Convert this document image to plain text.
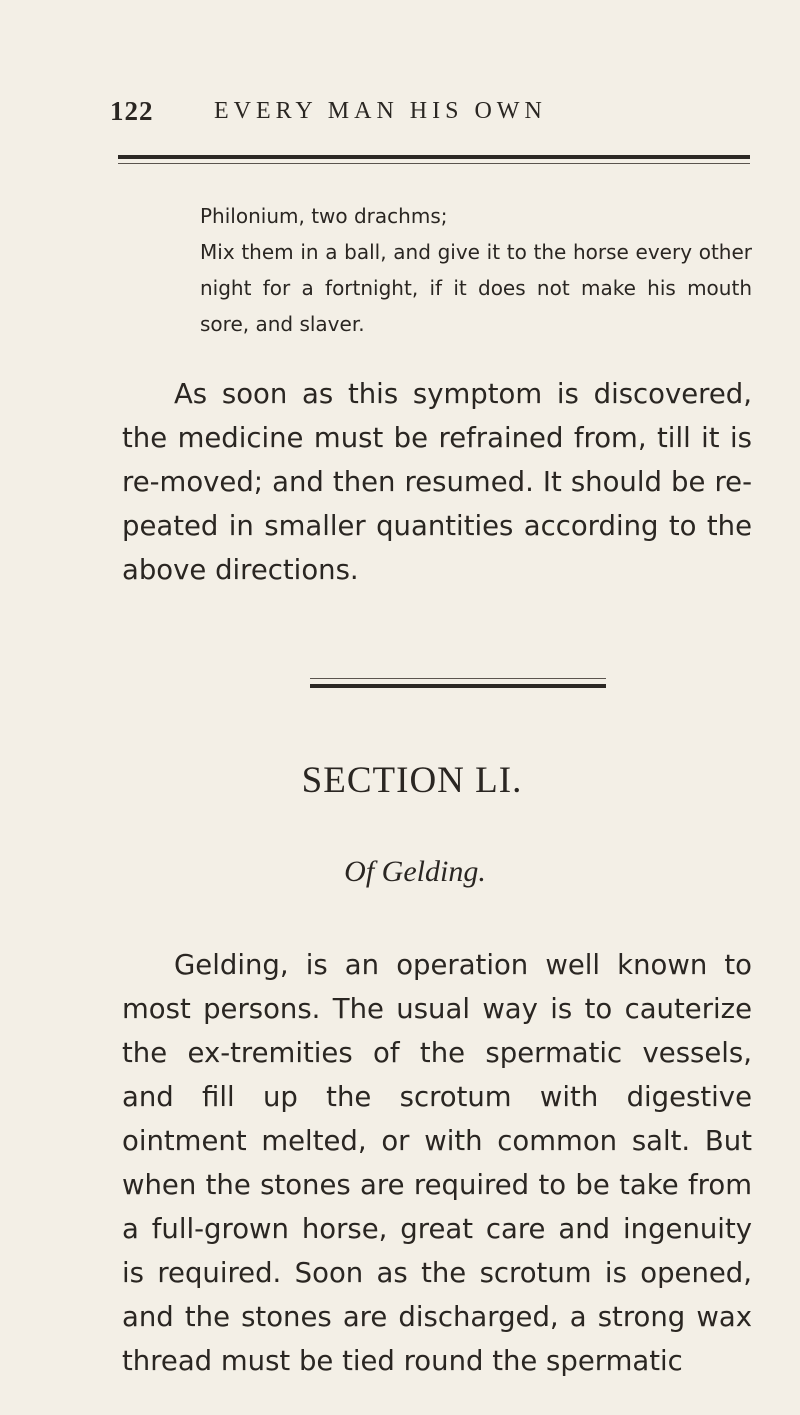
122	EVERY MAN HIS OWN

Philonium, two drachms;

Mix them in a ball, and give it to the horse every other night for a fortnight, if it does not make his mouth sore, and slaver.

As soon as this symptom is discovered, the medicine must be refrained from, till it is re-moved; and then resumed. It should be re-peated in smaller quantities according to the above directions.

SECTION LI.
Of Gelding.

Gelding, is an operation well known to most persons. The usual way is to cauterize the ex-tremities of the spermatic vessels, and fill up the scrotum with digestive ointment melted, or with common salt. But when the stones are required to be take from a full-grown horse, great care and ingenuity is required. Soon as the scrotum is opened, and the stones are discharged, a strong wax thread must be tied round the spermatic
